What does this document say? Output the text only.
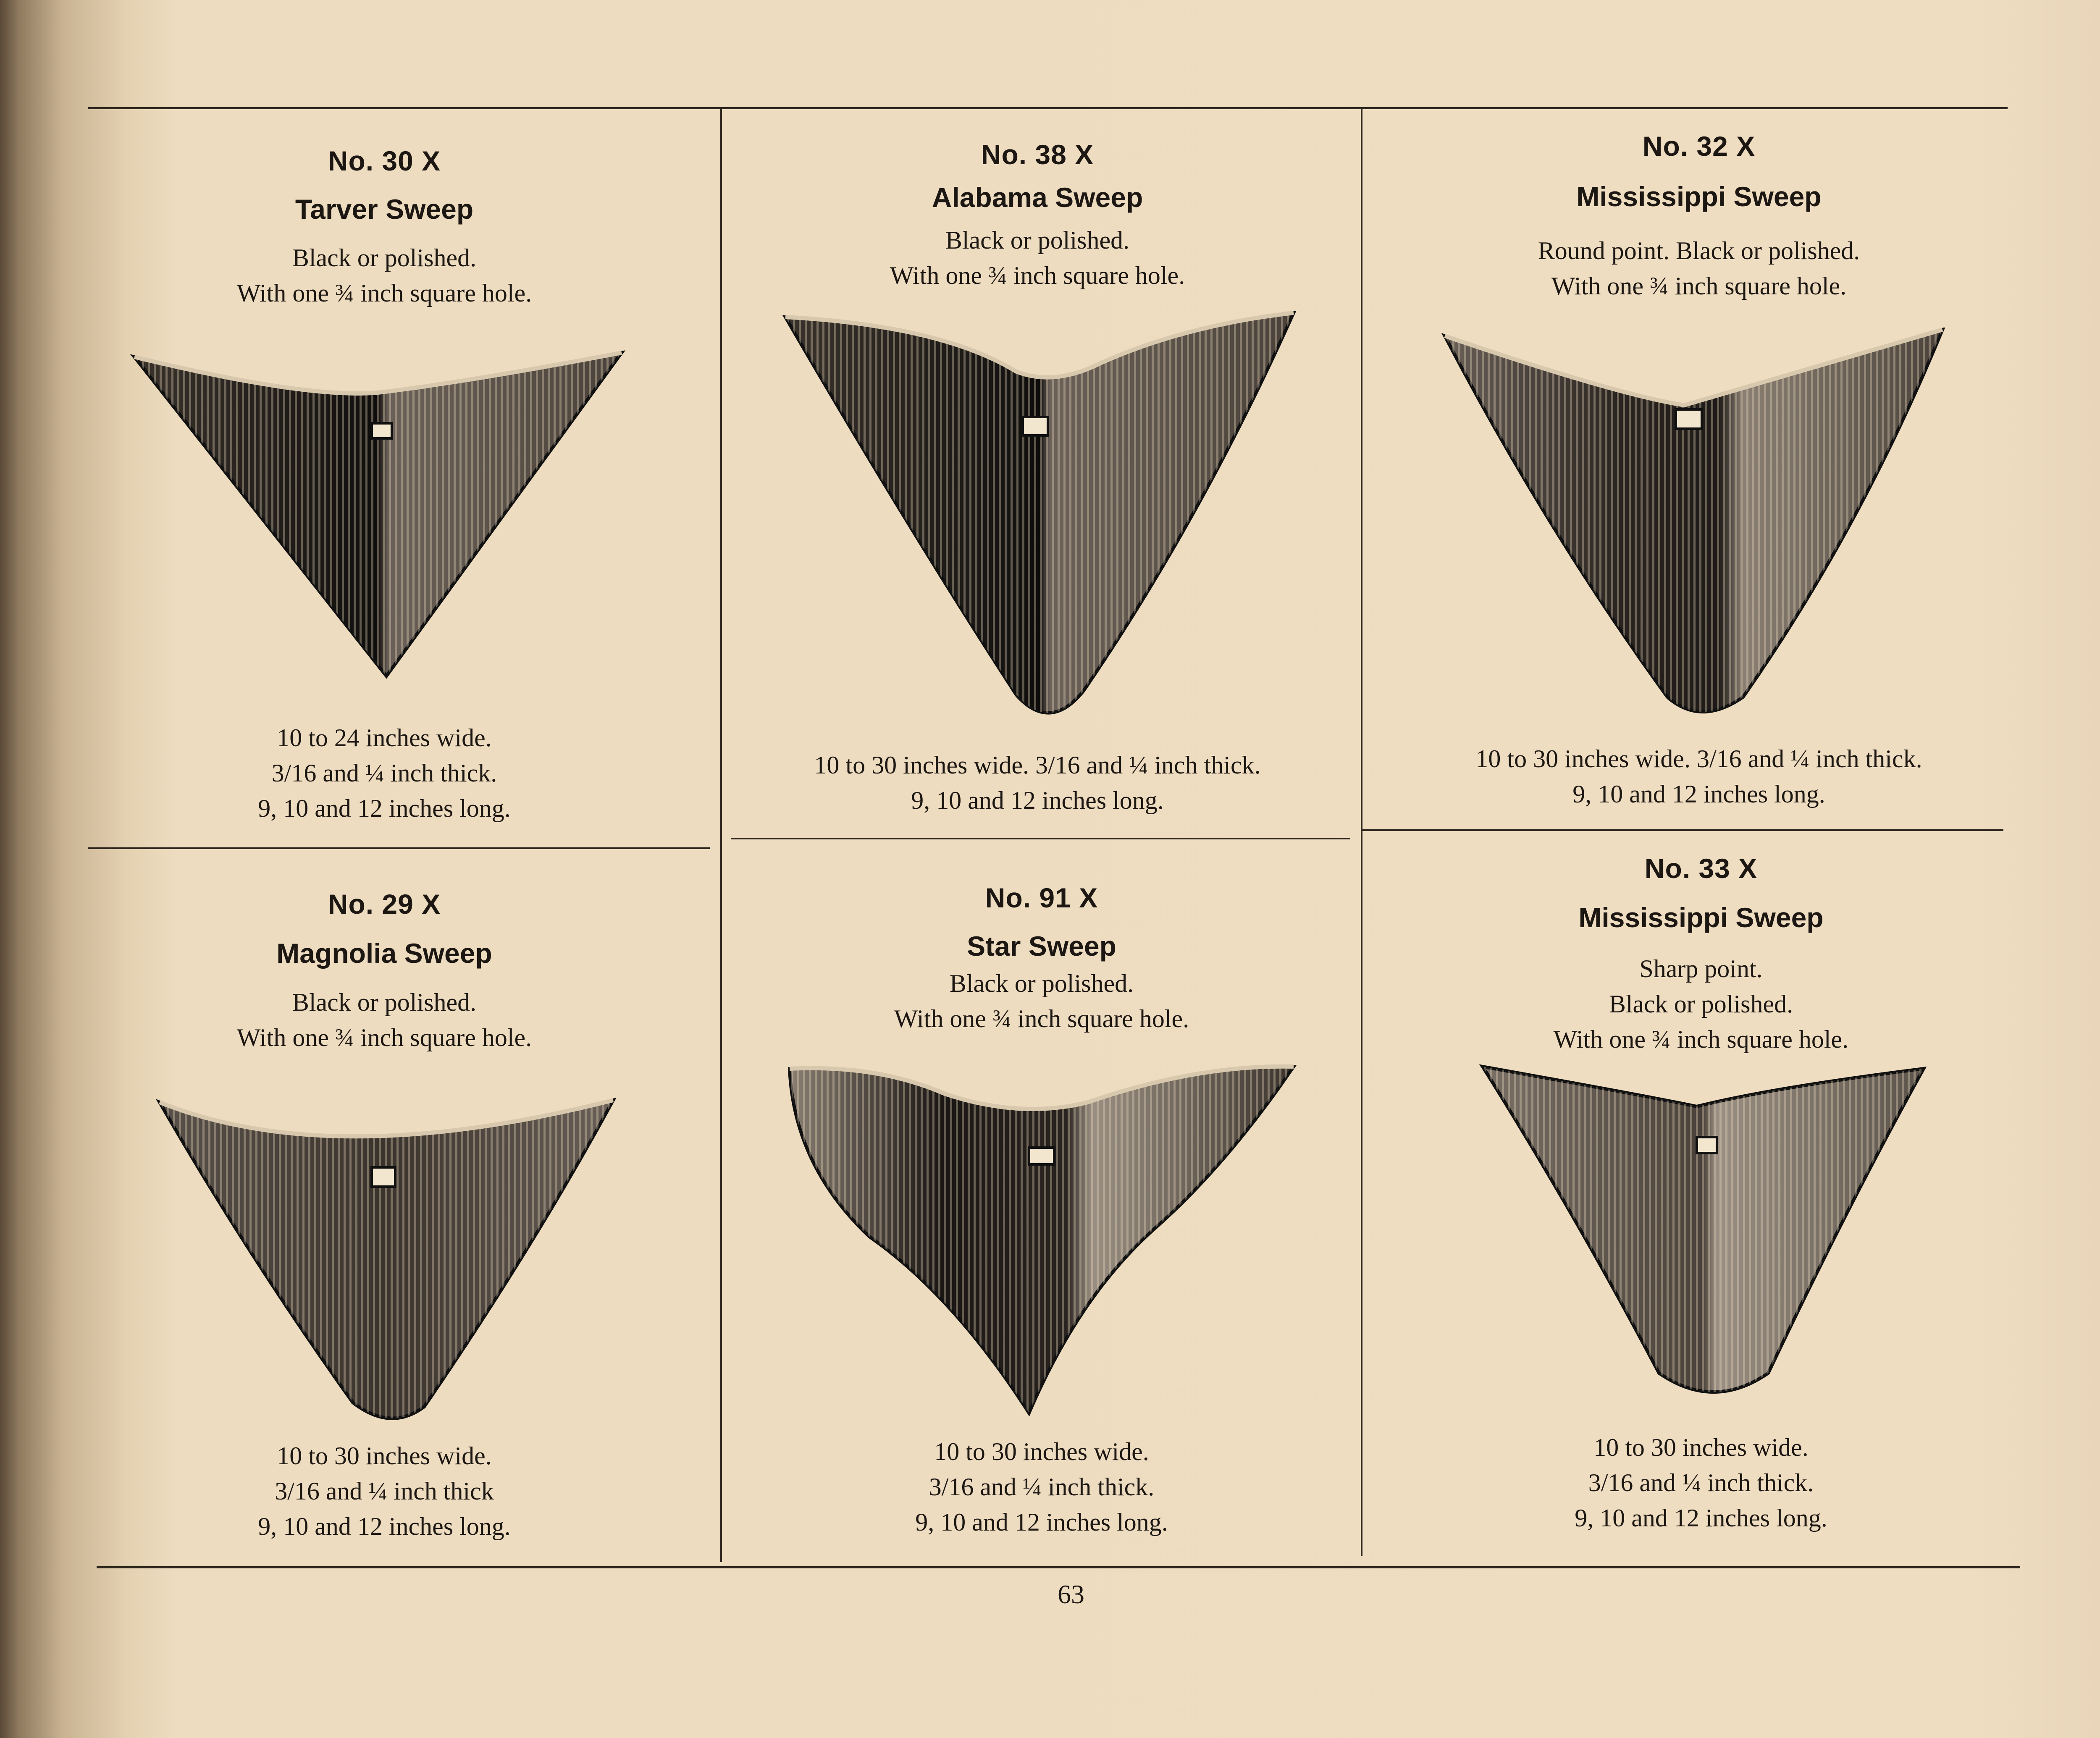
No. 30 X
Tarver Sweep
Black or polished.
With one ¾ inch square hole.
10 to 24 inches wide.
3/16 and ¼ inch thick.
9, 10 and 12 inches long.
No. 38 X
Alabama Sweep
Black or polished.
With one ¾ inch square hole.
10 to 30 inches wide. 3/16 and ¼ inch thick.
9, 10 and 12 inches long.
No. 32 X
Mississippi Sweep
Round point. Black or polished.
With one ¾ inch square hole.
10 to 30 inches wide. 3/16 and ¼ inch thick.
9, 10 and 12 inches long.
No. 29 X
Magnolia Sweep
Black or polished.
With one ¾ inch square hole.
10 to 30 inches wide.
3/16 and ¼ inch thick
9, 10 and 12 inches long.
No. 91 X
Star Sweep
Black or polished.
With one ¾ inch square hole.
10 to 30 inches wide.
3/16 and ¼ inch thick.
9, 10 and 12 inches long.
No. 33 X
Mississippi Sweep
Sharp point.
Black or polished.
With one ¾ inch square hole.
10 to 30 inches wide.
3/16 and ¼ inch thick.
9, 10 and 12 inches long.
63
